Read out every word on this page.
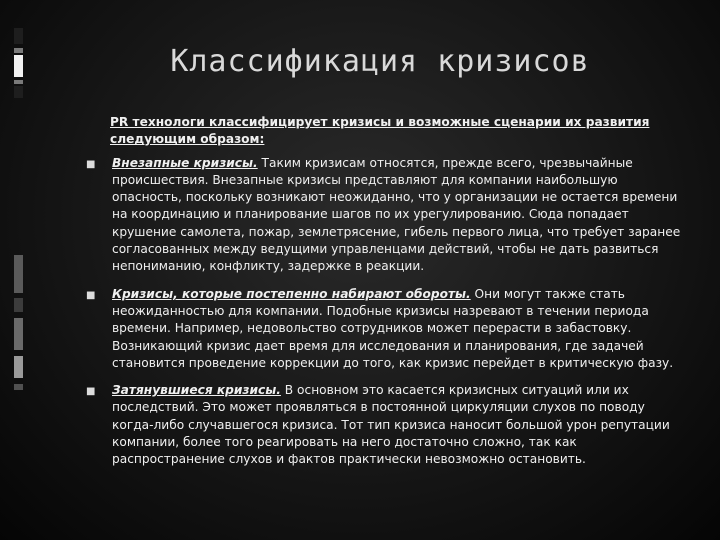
Классификация кризисов
PR технологи классифицирует кризисы и возможные сценарии их развития следующим образом:
■ Внезапные кризисы. Таким кризисам относятся, прежде всего, чрезвычайные происшествия. Внезапные кризисы представляют для компании наибольшую опасность, поскольку возникают неожиданно, что у организации не остается времени на координацию и планирование шагов по их урегулированию. Сюда попадает крушение самолета, пожар, землетрясение, гибель первого лица, что требует заранее согласованных между ведущими управленцами действий, чтобы не дать развиться непониманию, конфликту, задержке в реакции.
■ Кризисы, которые постепенно набирают обороты. Они могут также стать неожиданностью для компании. Подобные кризисы назревают в течении периода времени. Например, недовольство сотрудников может перерасти в забастовку. Возникающий кризис дает время для исследования и планирования, где задачей становится проведение коррекции до того, как кризис перейдет в критическую фазу.
■ Затянувшиеся кризисы. В основном это касается кризисных ситуаций или их последствий. Это может проявляться в постоянной циркуляции слухов по поводу когда-либо случавшегося кризиса. Тот тип кризиса наносит большой урон репутации компании, более того реагировать на него достаточно сложно, так как распространение слухов и фактов практически невозможно остановить.
